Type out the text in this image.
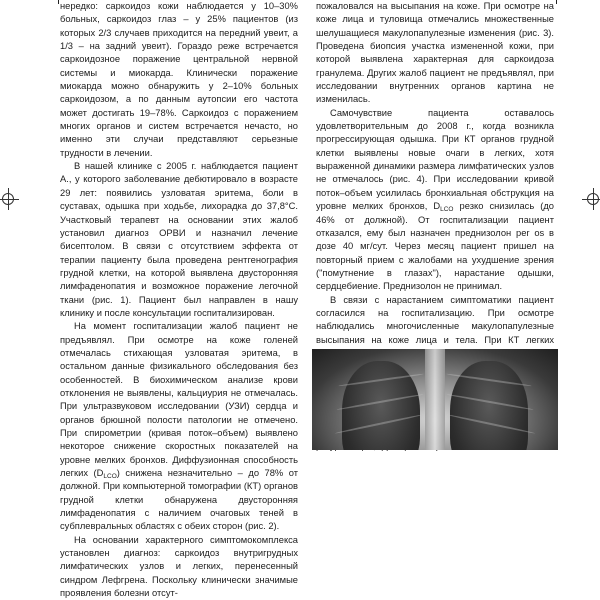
нередко: саркоидоз кожи наблюдается у 10–30% больных, саркоидоз глаз – у 25% пациентов (из которых 2/3 случаев приходится на передний увеит, а 1/3 – на задний увеит). Гораздо реже встречается саркоидозное поражение центральной нервной системы и миокарда. Клинически поражение миокарда можно обнаружить у 2–10% больных саркоидозом, а по данным аутопсии его частота может достигать 19–78%. Саркоидоз с поражением многих органов и систем встречается нечасто, но именно эти случаи представляют серьезные трудности в лечении.

В нашей клинике с 2005 г. наблюдается пациент А., у которого заболевание дебютировало в возрасте 29 лет: появились узловатая эритема, боли в суставах, одышка при ходьбе, лихорадка до 37,8°С. Участковый терапевт на основании этих жалоб установил диагноз ОРВИ и назначил лечение бисептолом. В связи с отсутствием эффекта от терапии пациенту была проведена рентгенография грудной клетки, на которой выявлена двусторонняя лимфаденопатия и возможное поражение легочной ткани (рис. 1). Пациент был направлен в нашу клинику и после консультации госпитализирован.

На момент госпитализации жалоб пациент не предъявлял. При осмотре на коже голеней отмечалась стихающая узловатая эритема, в остальном данные физикального обследования без особенностей. В биохимическом анализе крови отклонения не выявлены, кальциурия не отмечалась. При ультразвуковом исследовании (УЗИ) сердца и органов брюшной полости патологии не отмечено. При спирометрии (кривая поток–объем) выявлено некоторое снижение скоростных показателей на уровне мелких бронхов. Диффузионная способность легких $(D_{LCO})$ снижена незначительно – до 78% от должной. При компьютерной томографии (КТ) органов грудной клетки обнаружена двусторонняя лимфаденопатия с наличием очаговых теней в субплевральных областях с обеих сторон (рис. 2).

На основании характерного симптомокомплекса установлен диагноз: саркоидоз внутригрудных лимфатических узлов и легких, перенесенный синдром Лефгрена. Поскольку клинически значимые проявления болезни отсут-

пожаловался на высыпания на коже. При осмотре на коже лица и туловища отмечались множественные шелушащиеся макулопапулезные изменения (рис. 3). Проведена биопсия участка измененной кожи, при которой выявлена характерная для саркоидоза гранулема. Других жалоб пациент не предъявлял, при исследовании внутренних органов картина не изменилась.

Самочувствие пациента оставалось удовлетворительным до 2008 г., когда возникла прогрессирующая одышка. При КТ органов грудной клетки выявлены новые очаги в легких, хотя выраженной динамики размера лимфатических узлов не отмечалось (рис. 4). При исследовании кривой поток–объем усилилась бронхиальная обструкция на уровне мелких бронхов, $D_{LCO}$ резко снизилась (до 46% от должной). От госпитализации пациент отказался, ему был назначен преднизолон per os в дозе 40 мг/сут. Через месяц пациент пришел на повторный прием с жалобами на ухудшение зрения ("помутнение в глазах"), нарастание одышки, сердцебиение. Преднизолон не принимал.

В связи с нарастанием симптоматики пациент согласился на госпитализацию. При осмотре наблюдались многочисленные макулопапулезные высыпания на коже лица и тела. При КТ легких
